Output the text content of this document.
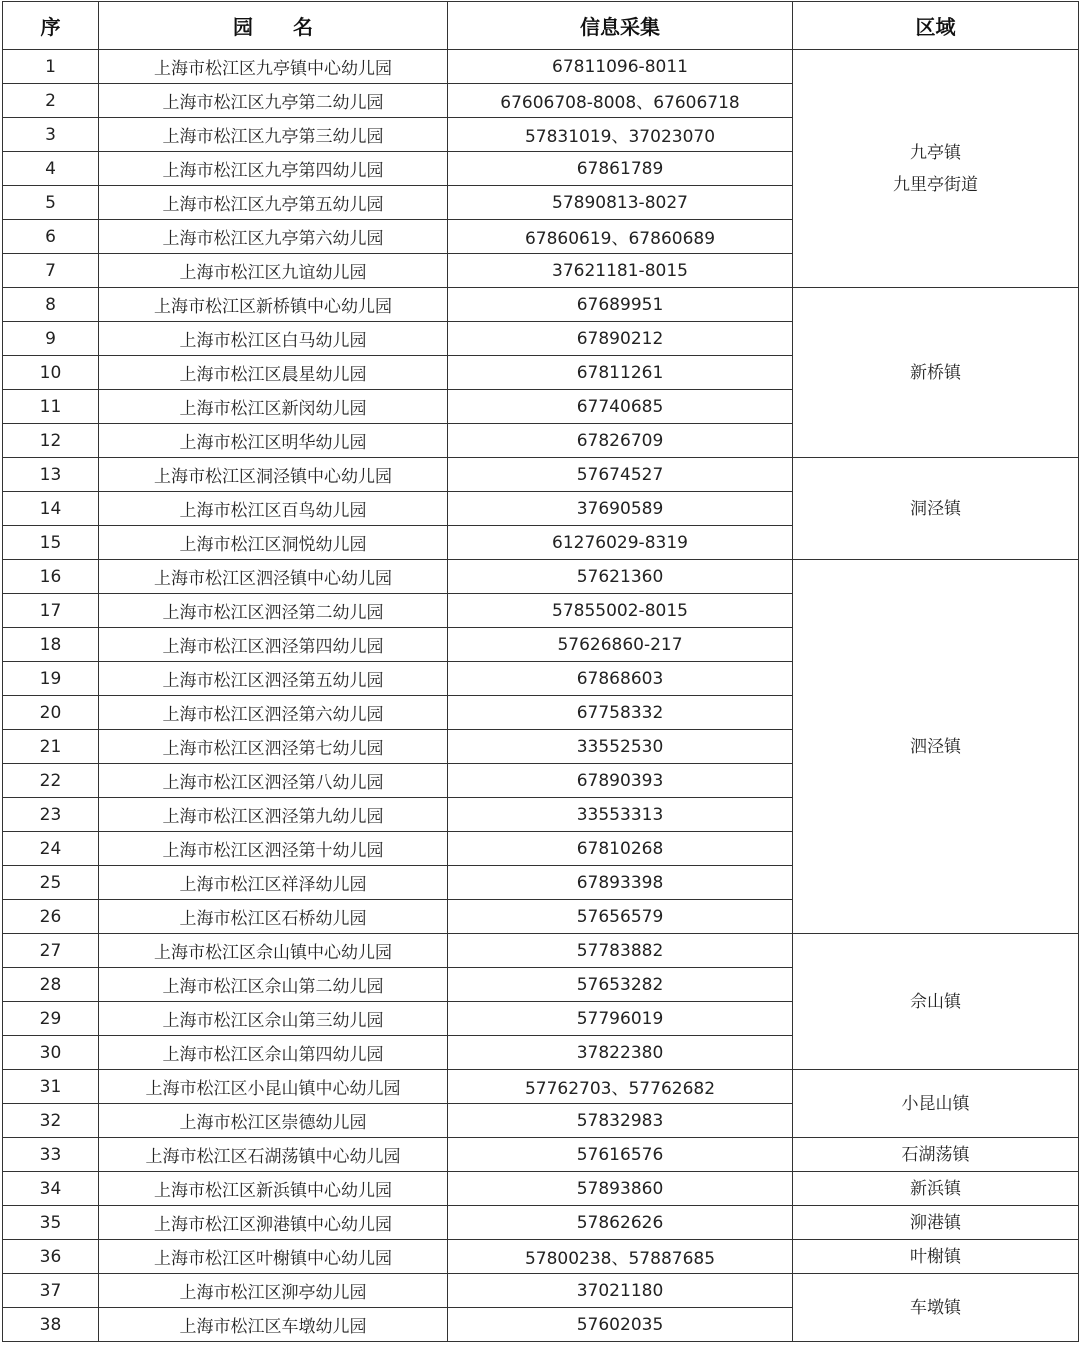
序	园　　名	信息采集	区域
1	上海市松江区九亭镇中心幼儿园	67811096-8011	九亭镇
九里亭街道

2	上海市松江区九亭第二幼儿园	67606708-8008、67606718	
3	上海市松江区九亭第三幼儿园	57831019、37023070	
4	上海市松江区九亭第四幼儿园	67861789	
5	上海市松江区九亭第五幼儿园	57890813-8027	
6	上海市松江区九亭第六幼儿园	67860619、67860689	
7	上海市松江区九谊幼儿园	37621181-8015	
8	上海市松江区新桥镇中心幼儿园	67689951	新桥镇

9	上海市松江区白马幼儿园	67890212	
10	上海市松江区晨星幼儿园	67811261	
11	上海市松江区新闵幼儿园	67740685	
12	上海市松江区明华幼儿园	67826709	
13	上海市松江区洞泾镇中心幼儿园	57674527	洞泾镇

14	上海市松江区百鸟幼儿园	37690589	
15	上海市松江区洞悦幼儿园	61276029-8319	
16	上海市松江区泗泾镇中心幼儿园	57621360	泗泾镇

17	上海市松江区泗泾第二幼儿园	57855002-8015	
18	上海市松江区泗泾第四幼儿园	57626860-217	
19	上海市松江区泗泾第五幼儿园	67868603	
20	上海市松江区泗泾第六幼儿园	67758332	
21	上海市松江区泗泾第七幼儿园	33552530	
22	上海市松江区泗泾第八幼儿园	67890393	
23	上海市松江区泗泾第九幼儿园	33553313	
24	上海市松江区泗泾第十幼儿园	67810268	
25	上海市松江区祥泽幼儿园	67893398	
26	上海市松江区石桥幼儿园	57656579	
27	上海市松江区佘山镇中心幼儿园	57783882	佘山镇

28	上海市松江区佘山第二幼儿园	57653282	
29	上海市松江区佘山第三幼儿园	57796019	
30	上海市松江区佘山第四幼儿园	37822380	
31	上海市松江区小昆山镇中心幼儿园	57762703、57762682	小昆山镇

32	上海市松江区崇德幼儿园	57832983	
33	上海市松江区石湖荡镇中心幼儿园	57616576	石湖荡镇

34	上海市松江区新浜镇中心幼儿园	57893860	新浜镇

35	上海市松江区泖港镇中心幼儿园	57862626	泖港镇

36	上海市松江区叶榭镇中心幼儿园	57800238、57887685	叶榭镇

37	上海市松江区泖亭幼儿园	37021180	车墩镇

38	上海市松江区车墩幼儿园	57602035	
